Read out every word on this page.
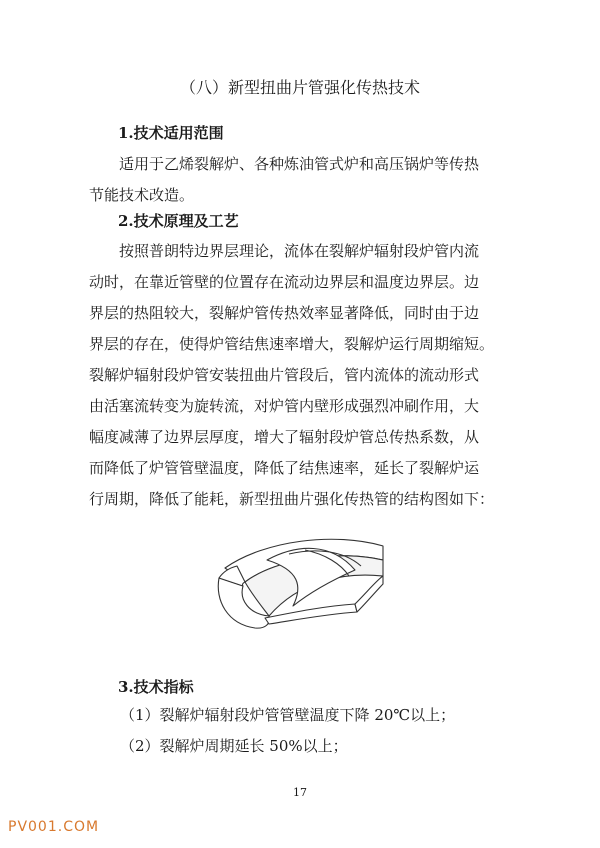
（八）新型扭曲片管强化传热技术
1.技术适用范围

适用于乙烯裂解炉、各种炼油管式炉和高压锅炉等传热
节能技术改造。

2.技术原理及工艺

按照普朗特边界层理论，流体在裂解炉辐射段炉管内流
动时，在靠近管壁的位置存在流动边界层和温度边界层。边
界层的热阻较大，裂解炉管传热效率显著降低，同时由于边
界层的存在，使得炉管结焦速率增大，裂解炉运行周期缩短。
裂解炉辐射段炉管安装扭曲片管段后，管内流体的流动形式
由活塞流转变为旋转流，对炉管内壁形成强烈冲刷作用，大
幅度减薄了边界层厚度，增大了辐射段炉管总传热系数，从
而降低了炉管管壁温度，降低了结焦速率，延长了裂解炉运
行周期，降低了能耗，新型扭曲片强化传热管的结构图如下：

3.技术指标
（1）裂解炉辐射段炉管管壁温度下降 20℃以上；
（2）裂解炉周期延长 50%以上；
17
PV001.COM
